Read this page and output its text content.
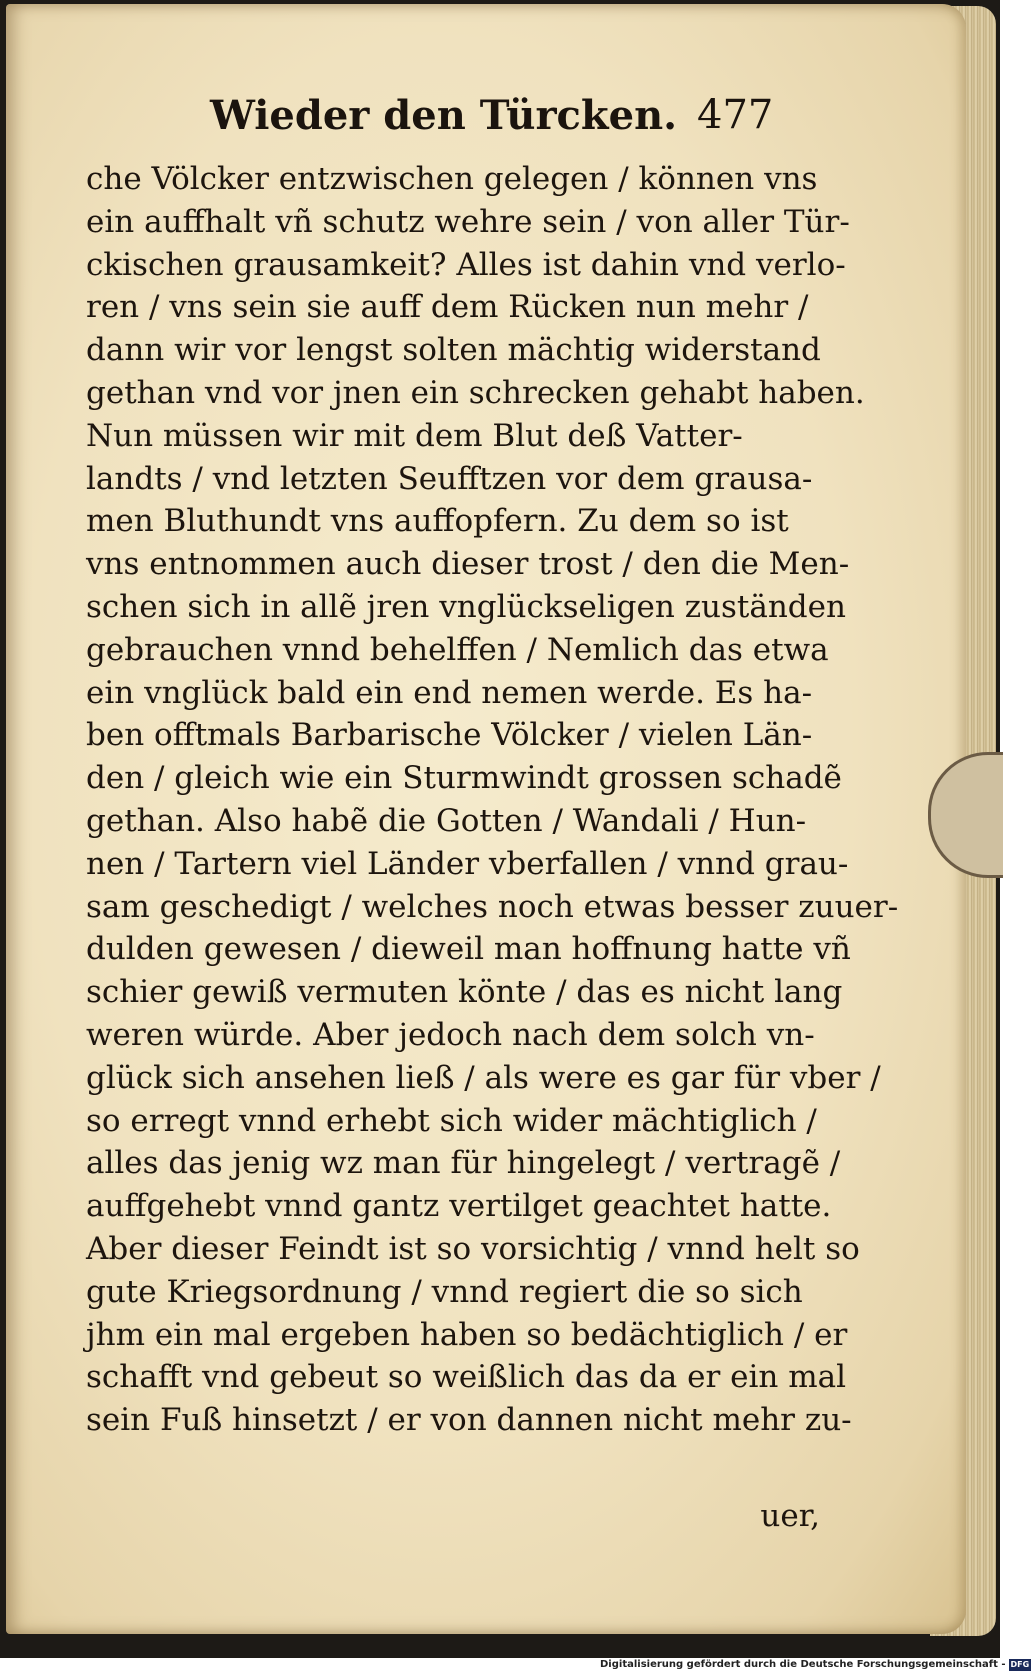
Wieder den Türcken. 477
che Völcker entzwischen gelegen / können vns
ein auffhalt vñ schutz wehre sein / von aller Tür-
ckischen grausamkeit? Alles ist dahin vnd verlo-
ren / vns sein sie auff dem Rücken nun mehr /
dann wir vor lengst solten mächtig widerstand
gethan vnd vor jnen ein schrecken gehabt haben.
Nun müssen wir mit dem Blut deß Vatter-
landts / vnd letzten Seufftzen vor dem grausa-
men Bluthundt vns auffopfern. Zu dem so ist
vns entnommen auch dieser trost / den die Men-
schen sich in allẽ jren vnglückseligen zuständen
gebrauchen vnnd behelffen / Nemlich das etwa
ein vnglück bald ein end nemen werde. Es ha-
ben offtmals Barbarische Völcker / vielen Län-
den / gleich wie ein Sturmwindt grossen schadẽ
gethan. Also habẽ die Gotten / Wandali / Hun-
nen / Tartern viel Länder vberfallen / vnnd grau-
sam geschedigt / welches noch etwas besser zuuer-
dulden gewesen / dieweil man hoffnung hatte vñ
schier gewiß vermuten könte / das es nicht lang
weren würde. Aber jedoch nach dem solch vn-
glück sich ansehen ließ / als were es gar für vber /
so erregt vnnd erhebt sich wider mächtiglich /
alles das jenig wz man für hingelegt / vertragẽ /
auffgehebt vnnd gantz vertilget geachtet hatte.
Aber dieser Feindt ist so vorsichtig / vnnd helt so
gute Kriegsordnung / vnnd regiert die so sich
jhm ein mal ergeben haben so bedächtiglich / er
schafft vnd gebeut so weißlich das da er ein mal
sein Fuß hinsetzt / er von dannen nicht mehr zu-
uer,
Digitalisierung gefördert durch die Deutsche Forschungsgemeinschaft - DFG
